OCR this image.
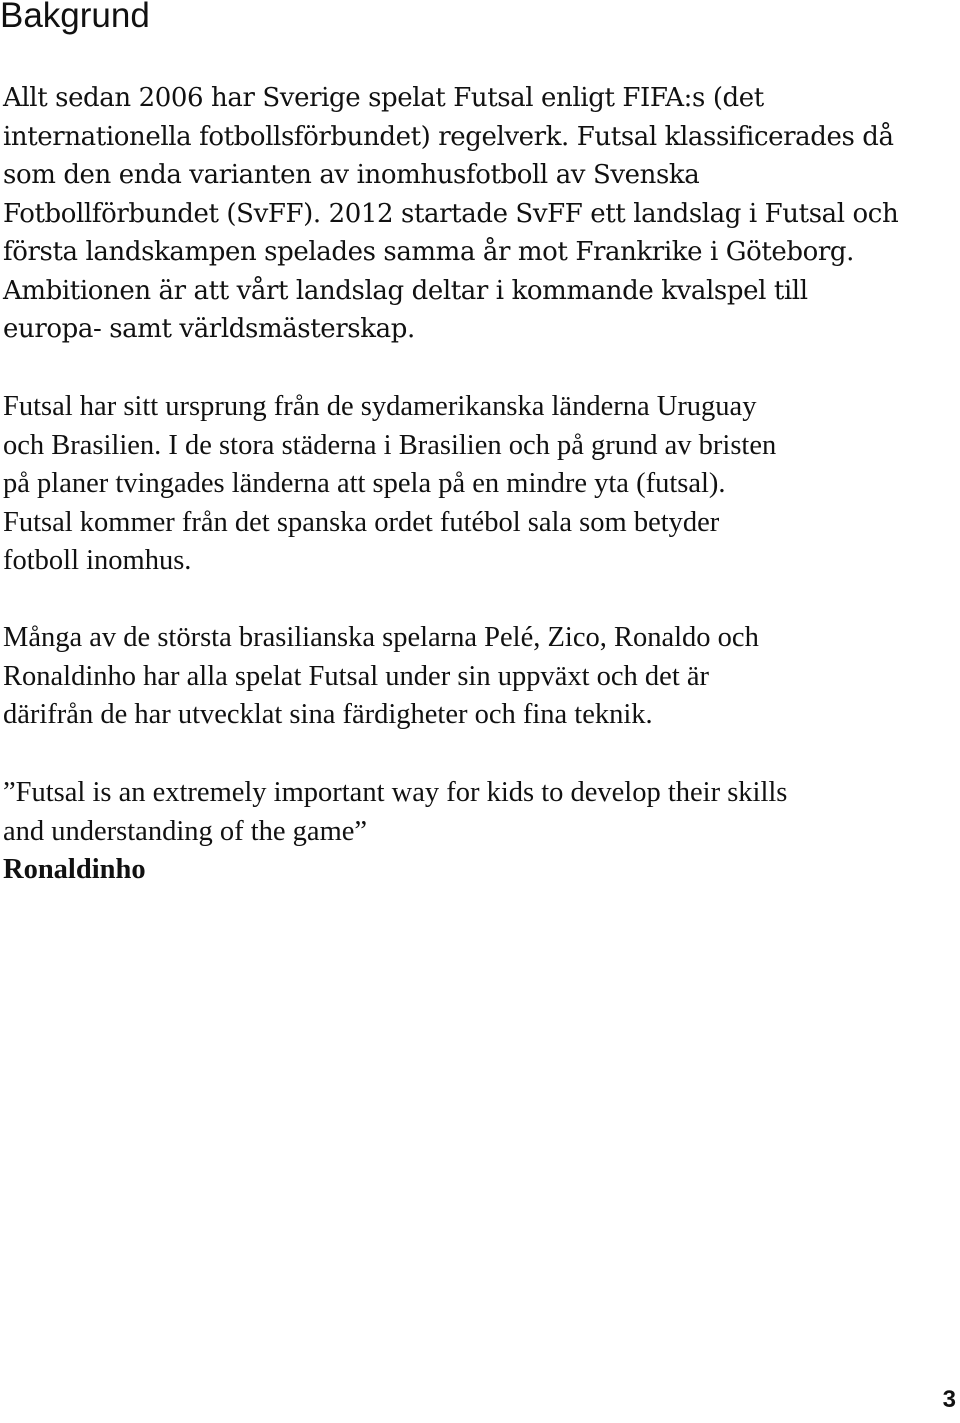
Bakgrund

Allt sedan 2006 har Sverige spelat Futsal enligt FIFA:s (det
internationella fotbollsförbundet) regelverk. Futsal klassificerades då
som den enda varianten av inomhusfotboll av Svenska
Fotbollförbundet (SvFF). 2012 startade SvFF ett landslag i Futsal och
första landskampen spelades samma år mot Frankrike i Göteborg.
Ambitionen är att vårt landslag deltar i kommande kvalspel till
europa- samt världsmästerskap.

Futsal har sitt ursprung från de sydamerikanska länderna Uruguay
och Brasilien. I de stora städerna i Brasilien och på grund av bristen
på planer tvingades länderna att spela på en mindre yta (futsal).
Futsal kommer från det spanska ordet futébol sala som betyder
fotboll inomhus.

Många av de största brasilianska spelarna Pelé, Zico, Ronaldo och
Ronaldinho har alla spelat Futsal under sin uppväxt och det är
därifrån de har utvecklat sina färdigheter och fina teknik.

”Futsal is an extremely important way for kids to develop their skills
and understanding of the game”
Ronaldinho
3
